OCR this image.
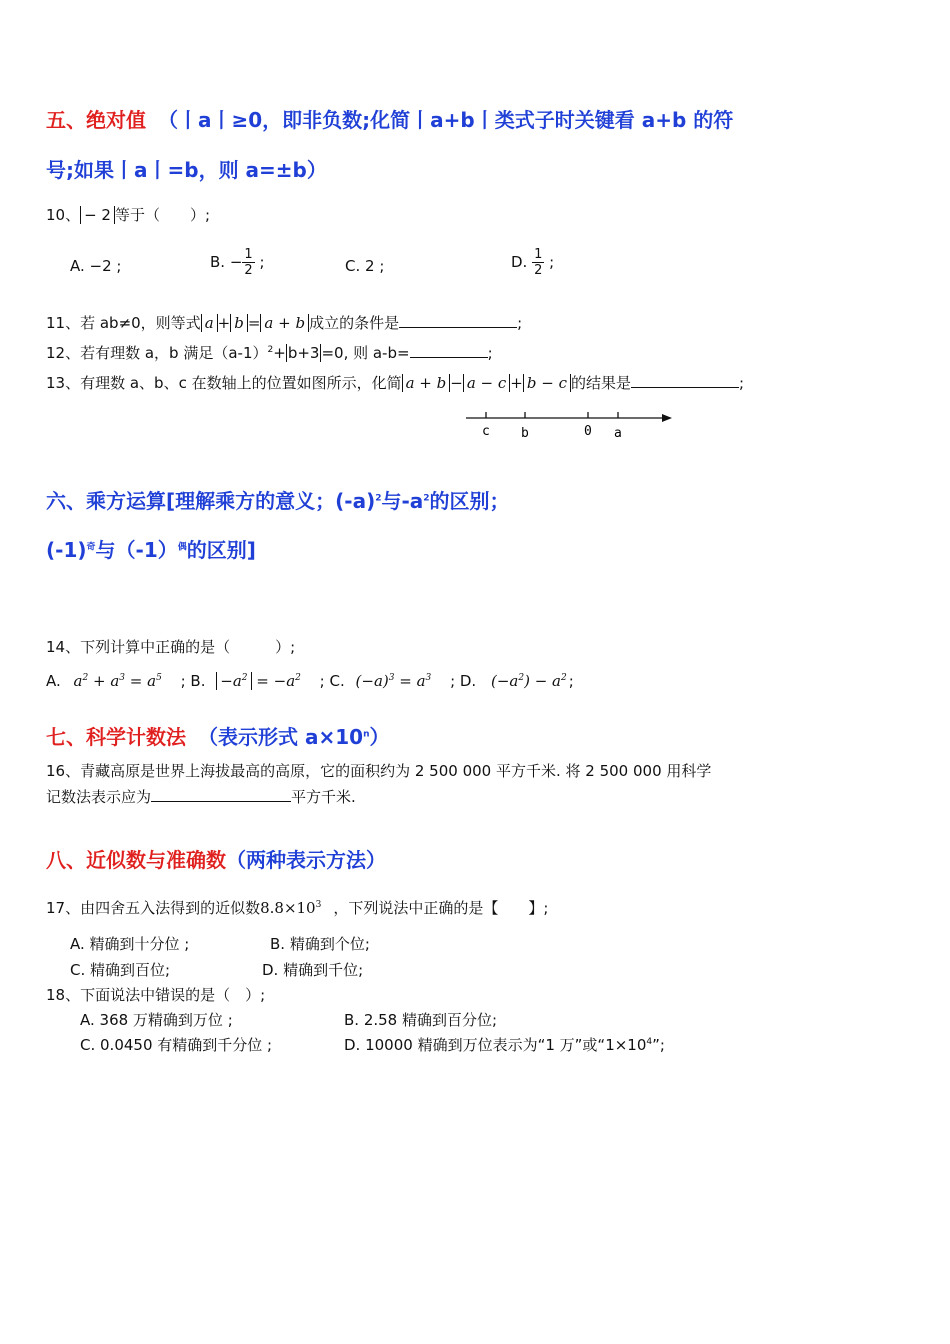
五、绝对值 （丨a丨≥0，即非负数;化简丨a+b丨类式子时关键看 a+b 的符
号;如果丨a丨=b，则 a=±b）
10、 − 2 等于（　　）;
A. −2 ;	B. − $\frac{1}{2}$ ;	C. 2 ;	D. $\frac{1}{2}$ ;
11、若 ab≠0，则等式 a + b = a + b 成立的条件是	;
12、若有理数 a，b 满足$(a-1)^2+ b+3 =0$, 则 a-b=	;
13、有理数 a、b、c 在数轴上的位置如图所示，化简 a + b − a − c + b − c 的结果是	;
c b	0 a
六、乘方运算[理解乘方的意义；$(-a)^2$与$-a^2$的区别；
$(-1)^奇$与$(-1)^偶$的区别]
14、下列计算中正确的是（　　　）;
A. $a^2 + a^3 = a^5$ ; B. $-a^2 = -a^2$ ; C. $(-a)^3 = a^3$ ; D. $(-a^2) - a^2$ ;
七、科学计数法 （表示形式 $a\times 10^n$）
16、青藏高原是世界上海拔最高的高原，它的面积约为 2 500 000 平方千米. 将 2 500 000 用科学
记数法表示应为	平方千米.
八、近似数与准确数（两种表示方法）
17、由四舍五入法得到的近似数$8.8\times 10^3$ ，下列说法中正确的是【　　】;
A. 精确到十分位 ;	B. 精确到个位;
C. 精确到百位;	D. 精确到千位;
18、下面说法中错误的是（　）;
A. 368 万精确到万位 ;	B. 2.58 精确到百分位;
C. 0.0450 有精确到千分位 ;	D. 10000 精确到万位表示为“1 万”或“$1\times 10^4$”;
